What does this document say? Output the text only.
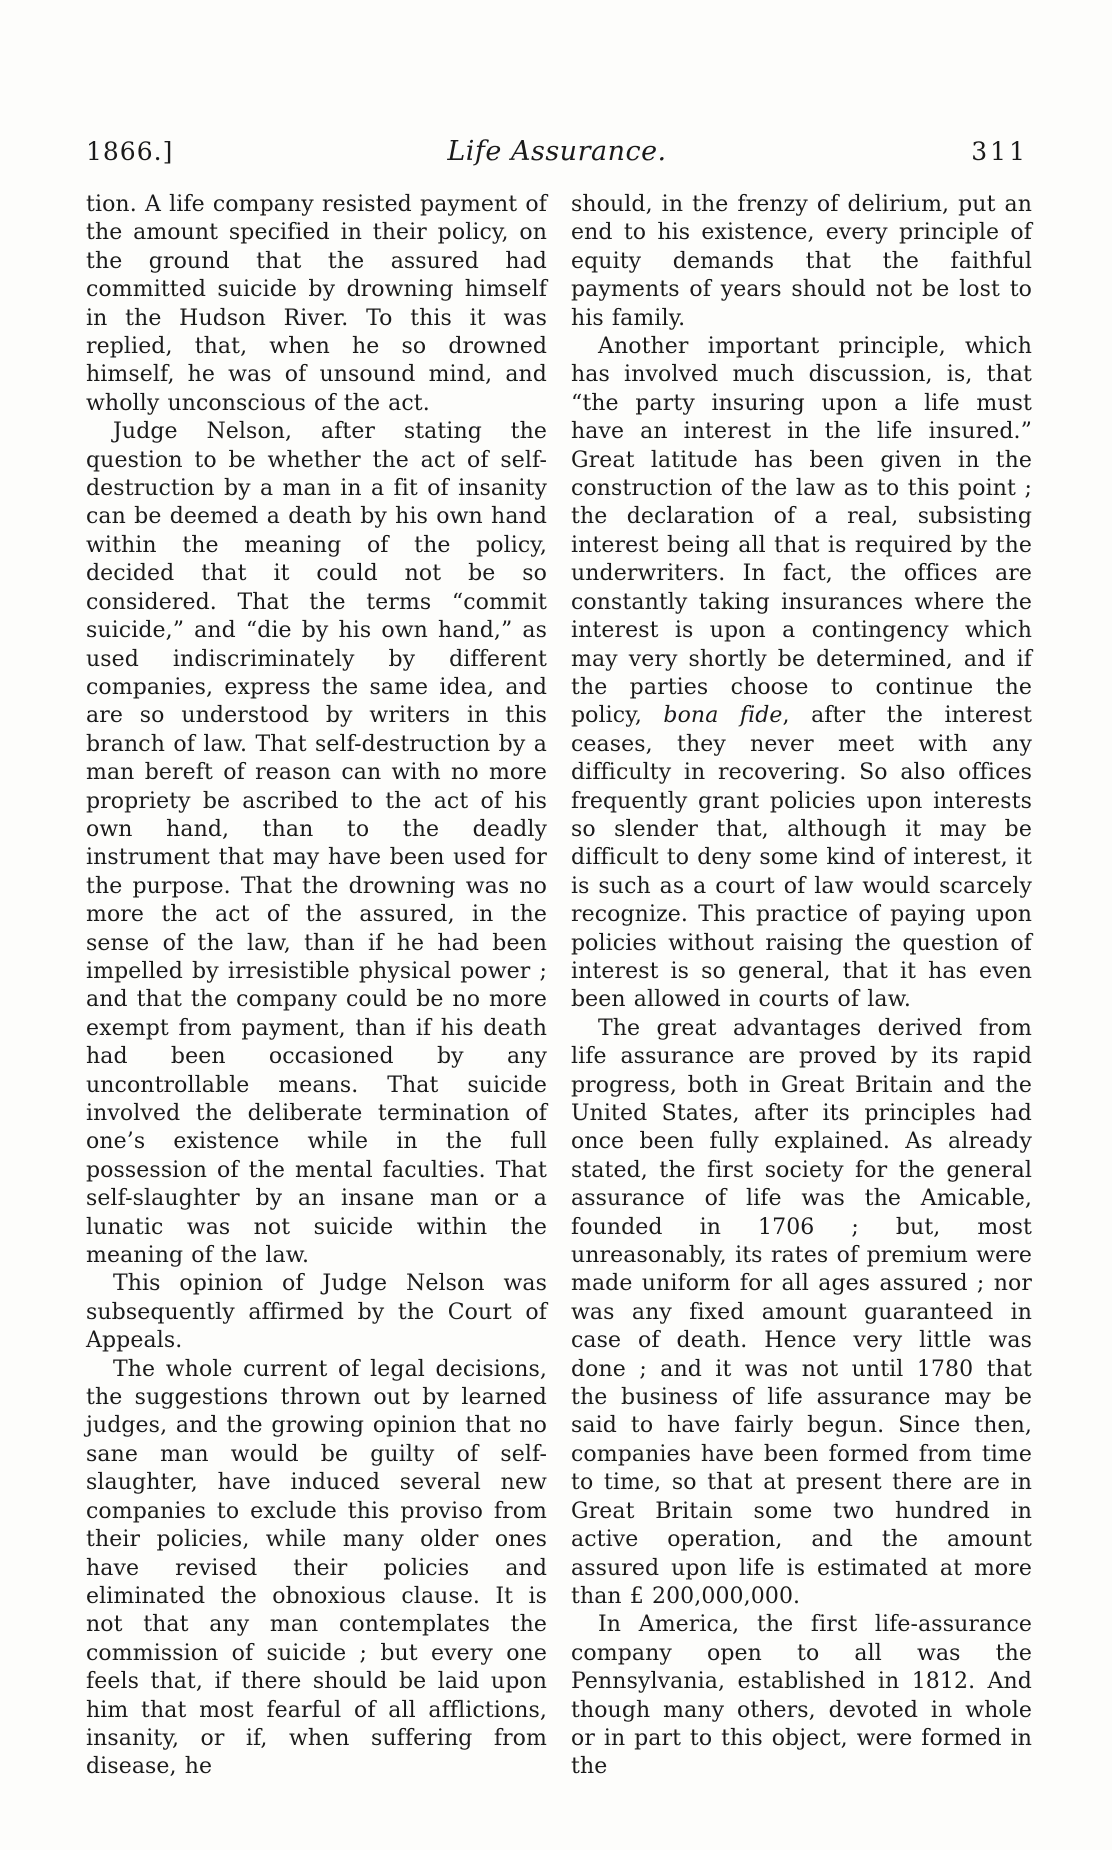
1866.]	Life Assurance.	311

tion. A life company resisted payment of the amount specified in their policy, on the ground that the assured had committed suicide by drowning himself in the Hudson River. To this it was replied, that, when he so drowned himself, he was of unsound mind, and wholly unconscious of the act.

Judge Nelson, after stating the question to be whether the act of self-destruction by a man in a fit of insanity can be deemed a death by his own hand within the meaning of the policy, decided that it could not be so considered. That the terms “commit suicide,” and “die by his own hand,” as used indiscriminately by different companies, express the same idea, and are so understood by writers in this branch of law. That self-destruction by a man bereft of reason can with no more propriety be ascribed to the act of his own hand, than to the deadly instrument that may have been used for the purpose. That the drowning was no more the act of the assured, in the sense of the law, than if he had been impelled by irresistible physical power ; and that the company could be no more exempt from payment, than if his death had been occasioned by any uncontrollable means. That suicide involved the deliberate termination of one’s existence while in the full possession of the mental faculties. That self-slaughter by an insane man or a lunatic was not suicide within the meaning of the law.

This opinion of Judge Nelson was subsequently affirmed by the Court of Appeals.

The whole current of legal decisions, the suggestions thrown out by learned judges, and the growing opinion that no sane man would be guilty of self-slaughter, have induced several new companies to exclude this proviso from their policies, while many older ones have revised their policies and eliminated the obnoxious clause. It is not that any man contemplates the commission of suicide ; but every one feels that, if there should be laid upon him that most fearful of all afflictions, insanity, or if, when suffering from disease, he

should, in the frenzy of delirium, put an end to his existence, every principle of equity demands that the faithful payments of years should not be lost to his family.

Another important principle, which has involved much discussion, is, that “the party insuring upon a life must have an interest in the life insured.” Great latitude has been given in the construction of the law as to this point ; the declaration of a real, subsisting interest being all that is required by the underwriters. In fact, the offices are constantly taking insurances where the interest is upon a contingency which may very shortly be determined, and if the parties choose to continue the policy, bona fide, after the interest ceases, they never meet with any difficulty in recovering. So also offices frequently grant policies upon interests so slender that, although it may be difficult to deny some kind of interest, it is such as a court of law would scarcely recognize. This practice of paying upon policies without raising the question of interest is so general, that it has even been allowed in courts of law.

The great advantages derived from life assurance are proved by its rapid progress, both in Great Britain and the United States, after its principles had once been fully explained. As already stated, the first society for the general assurance of life was the Amicable, founded in 1706 ; but, most unreasonably, its rates of premium were made uniform for all ages assured ; nor was any fixed amount guaranteed in case of death. Hence very little was done ; and it was not until 1780 that the business of life assurance may be said to have fairly begun. Since then, companies have been formed from time to time, so that at present there are in Great Britain some two hundred in active operation, and the amount assured upon life is estimated at more than £ 200,000,000.

In America, the first life-assurance company open to all was the Pennsylvania, established in 1812. And though many others, devoted in whole or in part to this object, were formed in the
